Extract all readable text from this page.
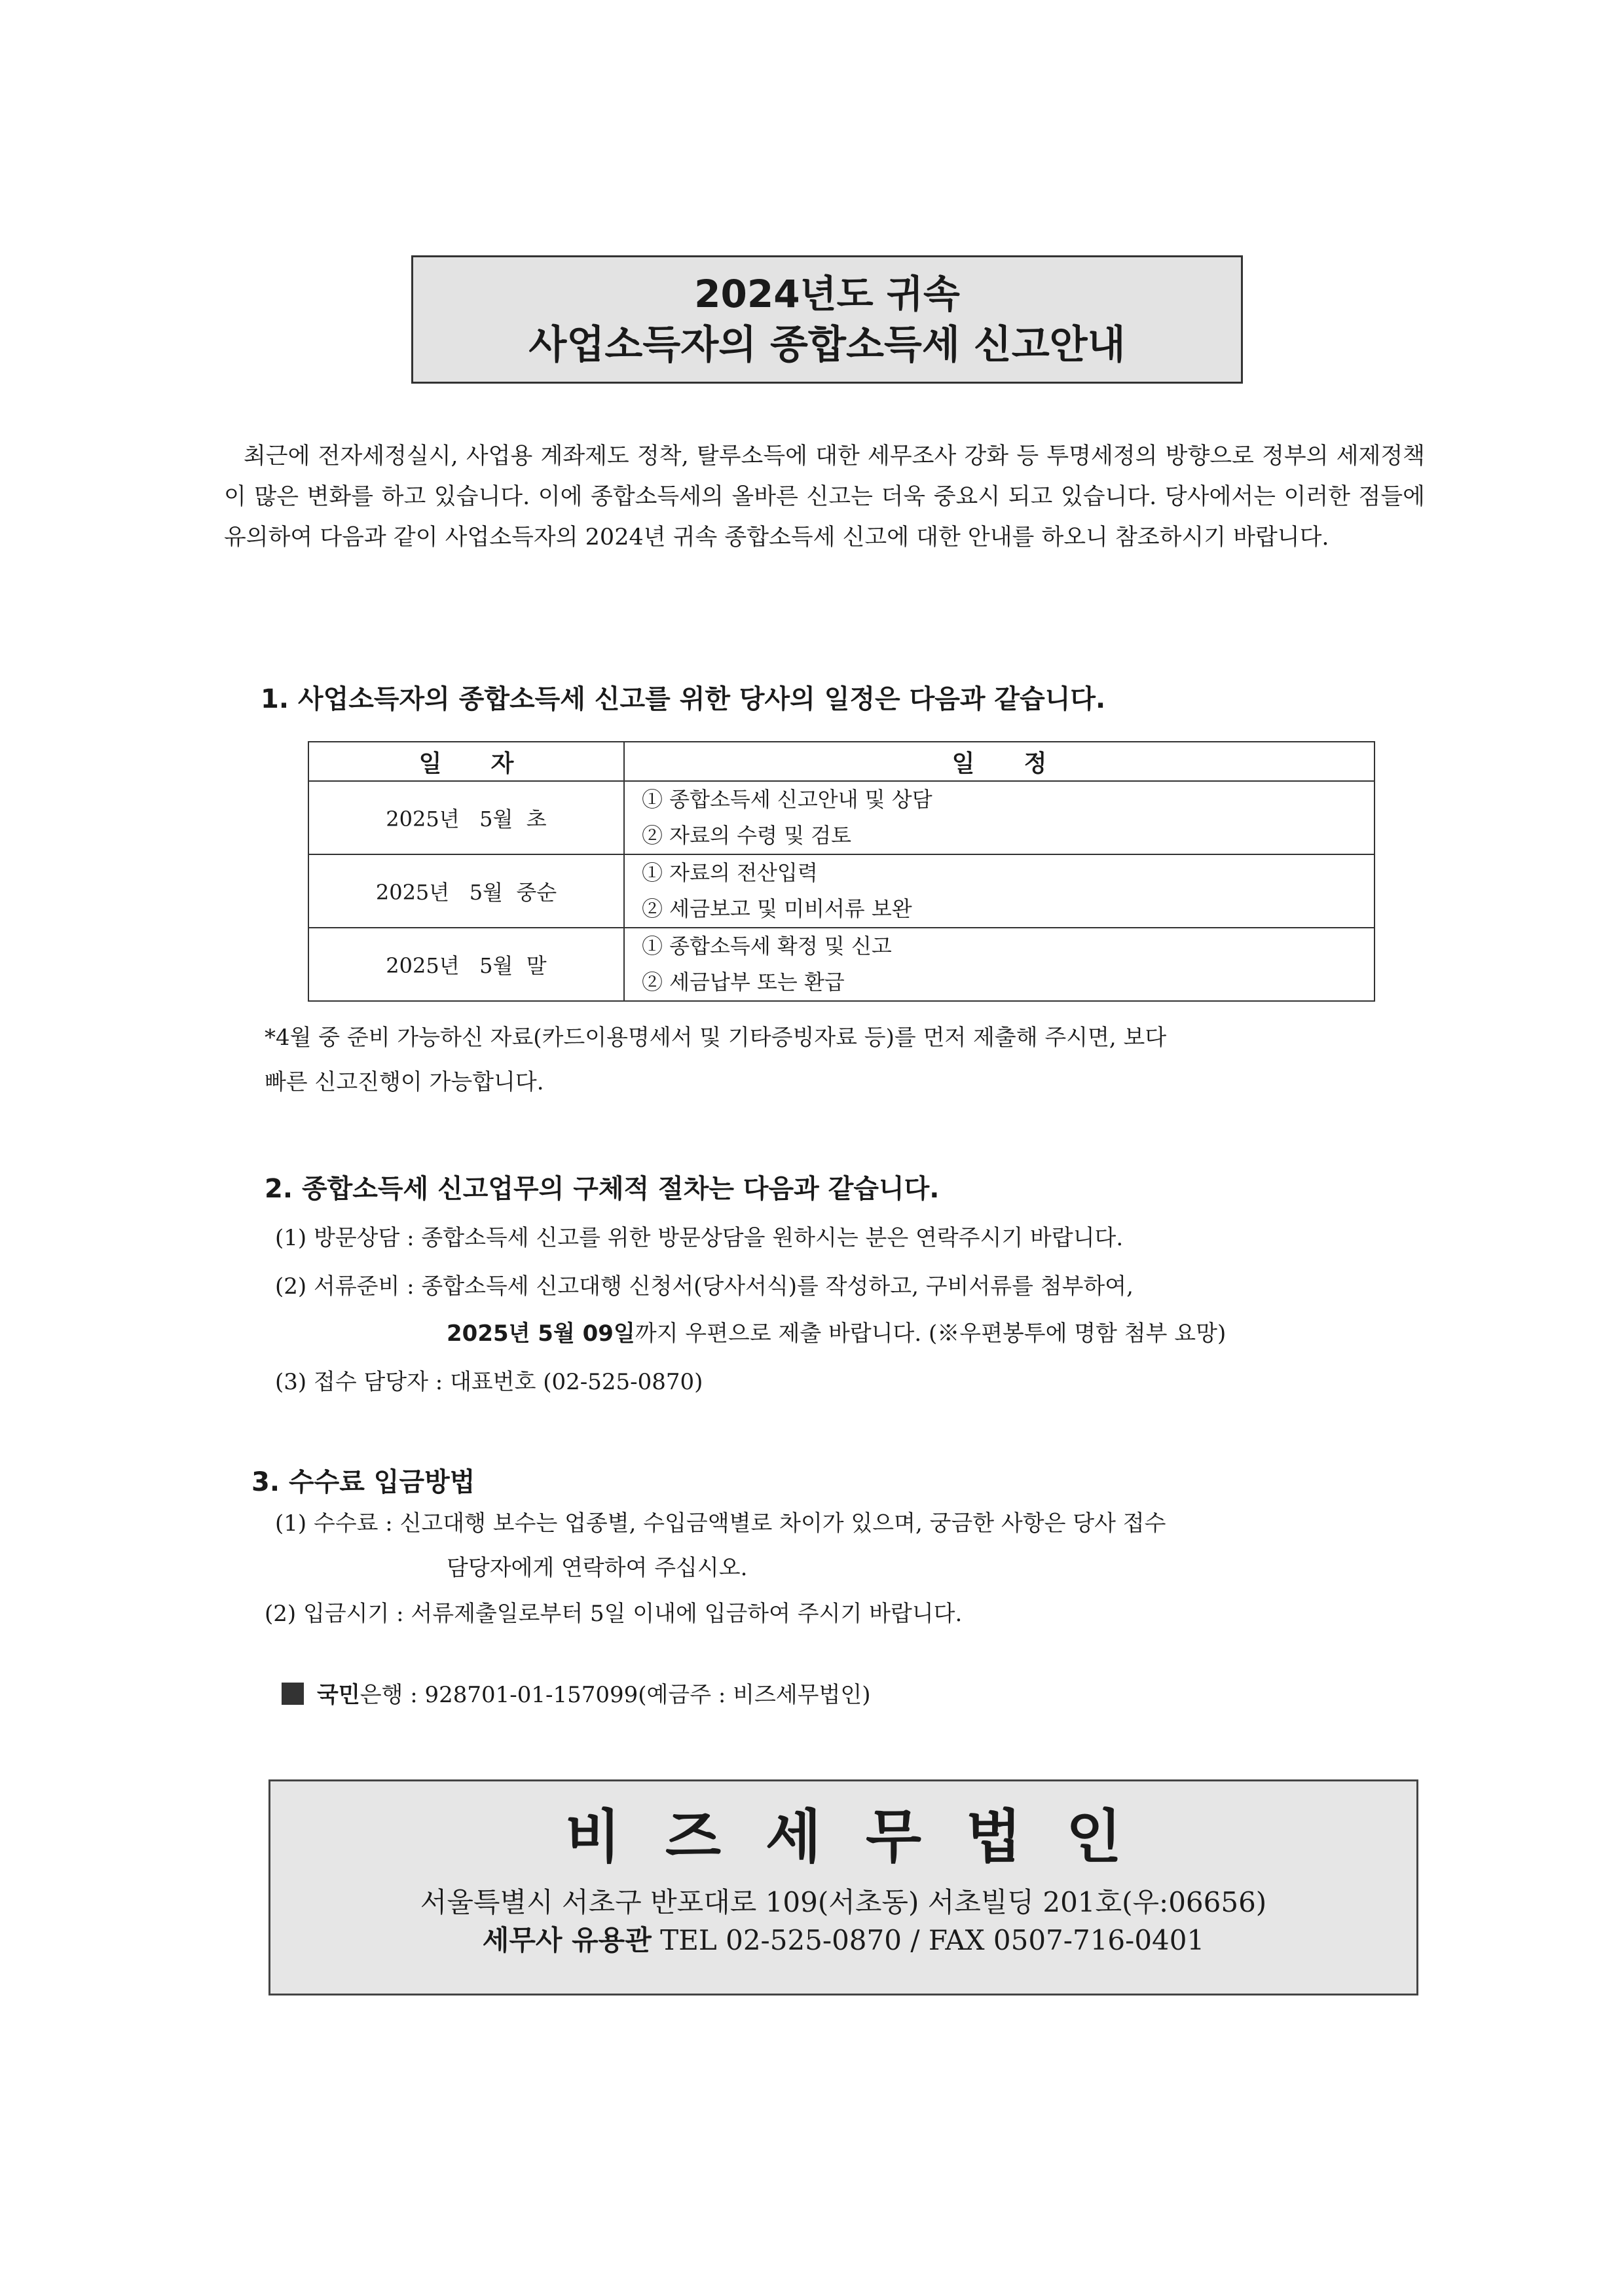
2024년도 귀속
사업소득자의 종합소득세 신고안내
최근에 전자세정실시, 사업용 계좌제도 정착, 탈루소득에 대한 세무조사 강화 등 투명세정의 방향으로 정부의 세제정책이 많은 변화를 하고 있습니다. 이에 종합소득세의 올바른 신고는 더욱 중요시 되고 있습니다. 당사에서는 이러한 점들에 유의하여 다음과 같이 사업소득자의 2024년 귀속 종합소득세 신고에 대한 안내를 하오니 참조하시기 바랍니다.
1. 사업소득자의 종합소득세 신고를 위한 당사의 일정은 다음과 같습니다.
일      자	일      정
2025년   5월  초	① 종합소득세 신고안내 및 상담
② 자료의 수령 및 검토

2025년   5월  중순	① 자료의 전산입력
② 세금보고 및 미비서류 보완

2025년   5월  말	① 종합소득세 확정 및 신고
② 세금납부 또는 환급
*4월 중 준비 가능하신 자료(카드이용명세서 및 기타증빙자료 등)를 먼저 제출해 주시면, 보다
빠른 신고진행이 가능합니다.
2. 종합소득세 신고업무의 구체적 절차는 다음과 같습니다.
(1) 방문상담 : 종합소득세 신고를 위한 방문상담을 원하시는 분은 연락주시기 바랍니다.
(2) 서류준비 : 종합소득세 신고대행 신청서(당사서식)를 작성하고, 구비서류를 첨부하여,
2025년 5월 09일까지 우편으로 제출 바랍니다. (※우편봉투에 명함 첨부 요망)
(3) 접수 담당자 : 대표번호 (02-525-0870)
3. 수수료 입금방법
(1) 수수료 : 신고대행 보수는 업종별, 수입금액별로 차이가 있으며, 궁금한 사항은 당사 접수
담당자에게 연락하여 주십시오.
(2) 입금시기 : 서류제출일로부터 5일 이내에 입금하여 주시기 바랍니다.
국민은행 : 928701-01-157099(예금주 : 비즈세무법인)
비즈세무법인
서울특별시 서초구 반포대로 109(서초동) 서초빌딩 201호(우:06656)
세무사 유용관 TEL 02-525-0870 / FAX 0507-716-0401
